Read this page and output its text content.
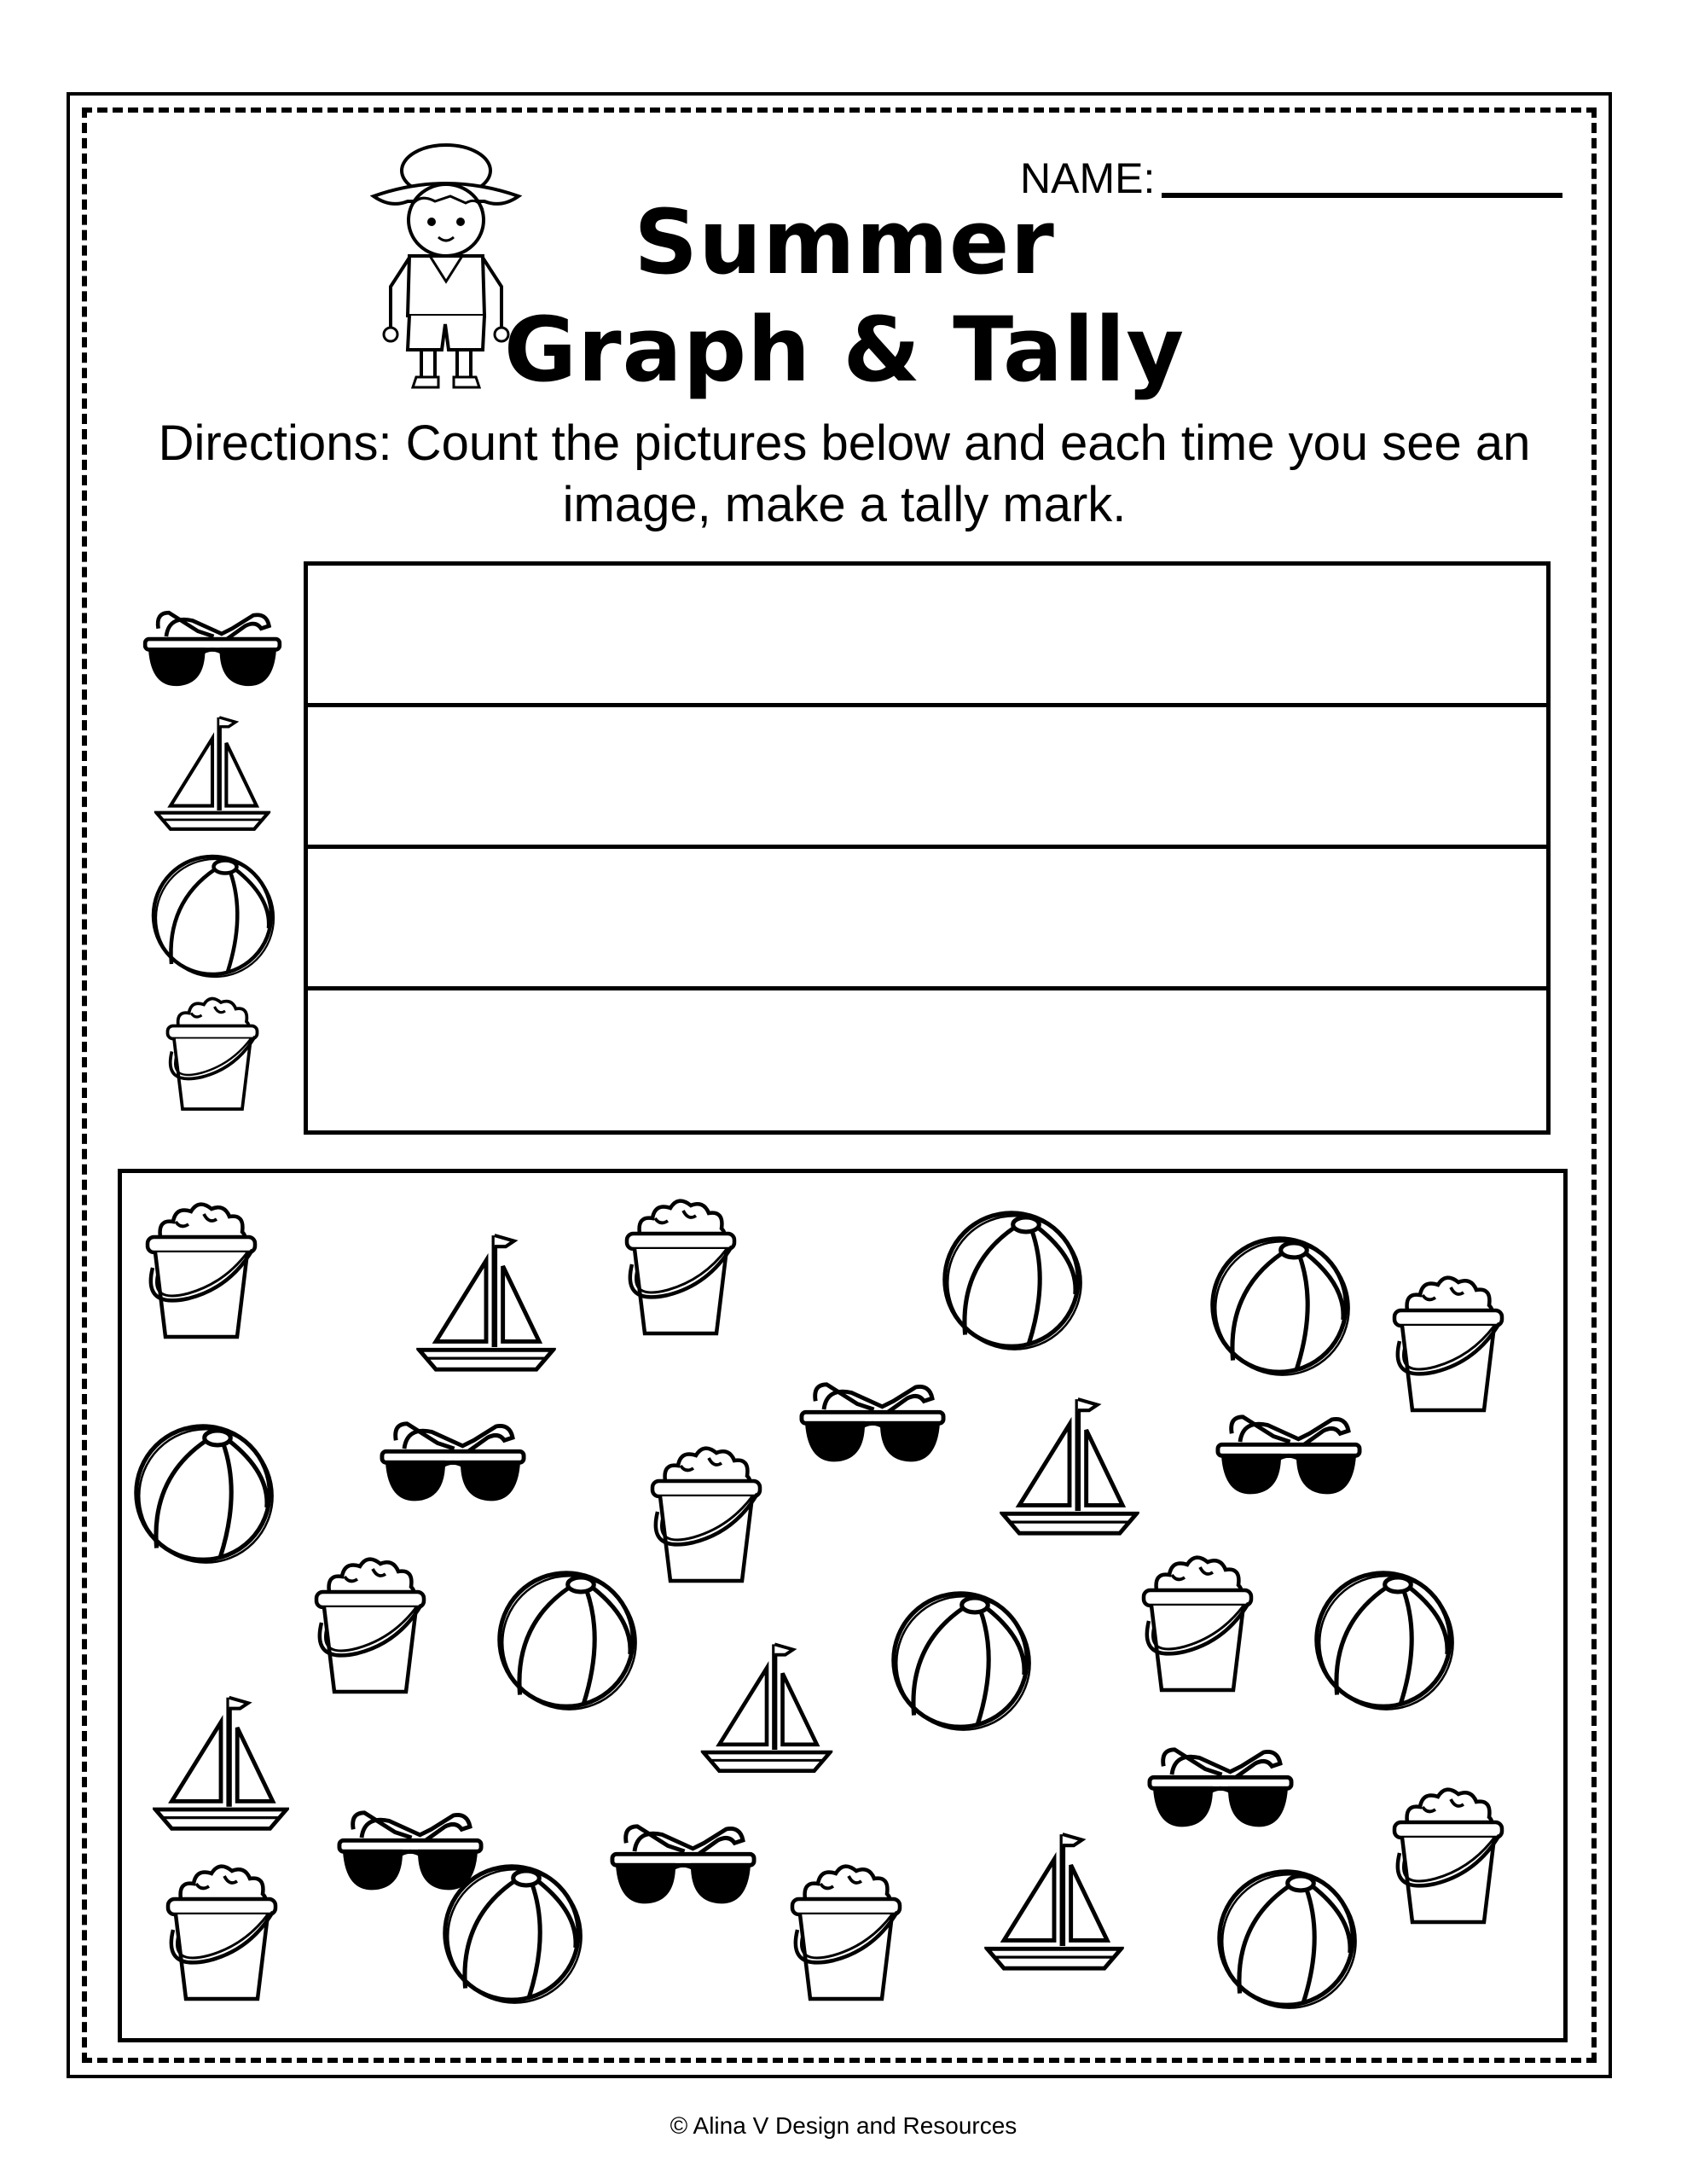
NAME:
Summer
Graph & Tally
Directions: Count the pictures below and each time you see an
image, make a tally mark.
© Alina V Design and Resources
